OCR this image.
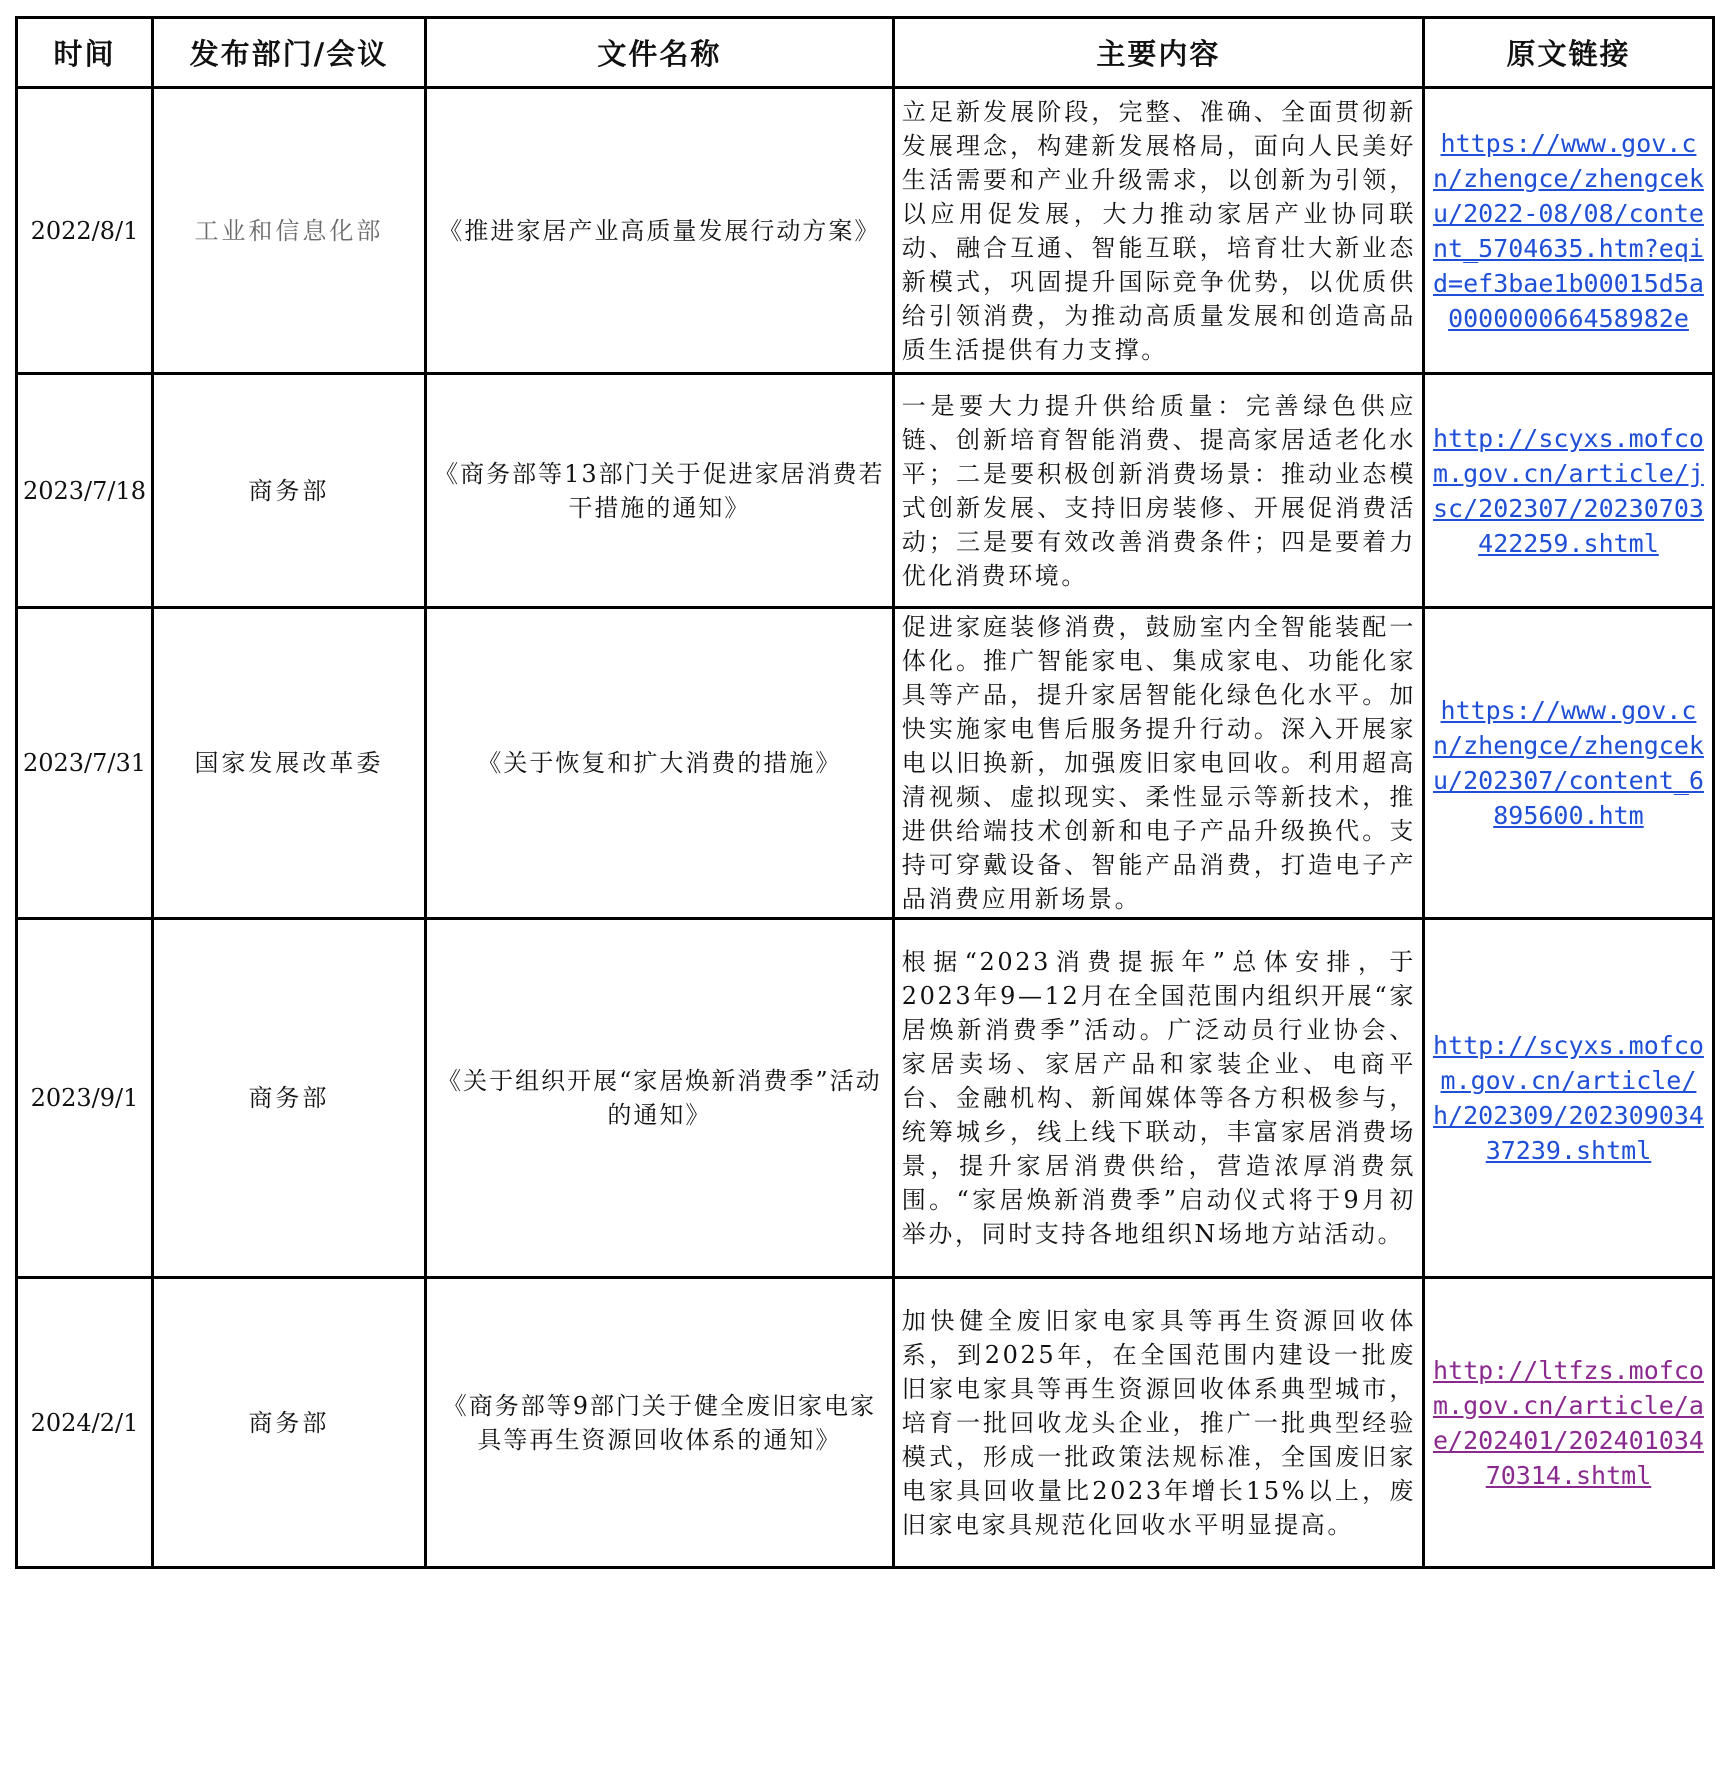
时间	发布部门/会议	文件名称	主要内容	原文链接
2022/8/1	工业和信息化部	《推进家居产业高质量发展行动方案》	立足新发展阶段，完整、准确、全面贯彻新发展理念，构建新发展格局，面向人民美好生活需要和产业升级需求，以创新为引领，以应用促发展，大力推动家居产业协同联动、融合互通、智能互联，培育壮大新业态新模式，巩固提升国际竞争优势，以优质供给引领消费，为推动高质量发展和创造高品质生活提供有力支撑。	https://www.gov.cn/zhengce/zhengceku/2022-08/08/content_5704635.htm?eqid=ef3bae1b00015d5a000000066458982e
2023/7/18	商务部	《商务部等13部门关于促进家居消费若干措施的通知》	一是要大力提升供给质量：完善绿色供应链、创新培育智能消费、提高家居适老化水平；二是要积极创新消费场景：推动业态模式创新发展、支持旧房装修、开展促消费活动；三是要有效改善消费条件；四是要着力优化消费环境。	http://scyxs.mofcom.gov.cn/article/jsc/202307/20230703422259.shtml
2023/7/31	国家发展改革委	《关于恢复和扩大消费的措施》	促进家庭装修消费，鼓励室内全智能装配一体化。推广智能家电、集成家电、功能化家具等产品，提升家居智能化绿色化水平。加快实施家电售后服务提升行动。深入开展家电以旧换新，加强废旧家电回收。利用超高清视频、虚拟现实、柔性显示等新技术，推进供给端技术创新和电子产品升级换代。支持可穿戴设备、智能产品消费，打造电子产品消费应用新场景。	https://www.gov.cn/zhengce/zhengceku/202307/content_6895600.htm
2023/9/1	商务部	《关于组织开展“家居焕新消费季”活动的通知》	根据“2023消费提振年”总体安排，于2023年9—12月在全国范围内组织开展“家居焕新消费季”活动。广泛动员行业协会、家居卖场、家居产品和家装企业、电商平台、金融机构、新闻媒体等各方积极参与，统筹城乡，线上线下联动，丰富家居消费场景，提升家居消费供给，营造浓厚消费氛围。“家居焕新消费季”启动仪式将于9月初举办，同时支持各地组织N场地方站活动。	http://scyxs.mofcom.gov.cn/article/h/202309/20230903437239.shtml
2024/2/1	商务部	《商务部等9部门关于健全废旧家电家具等再生资源回收体系的通知》	加快健全废旧家电家具等再生资源回收体系，到2025年，在全国范围内建设一批废旧家电家具等再生资源回收体系典型城市，培育一批回收龙头企业，推广一批典型经验模式，形成一批政策法规标准，全国废旧家电家具回收量比2023年增长15%以上，废旧家电家具规范化回收水平明显提高。	http://ltfzs.mofcom.gov.cn/article/ae/202401/20240103470314.shtml
